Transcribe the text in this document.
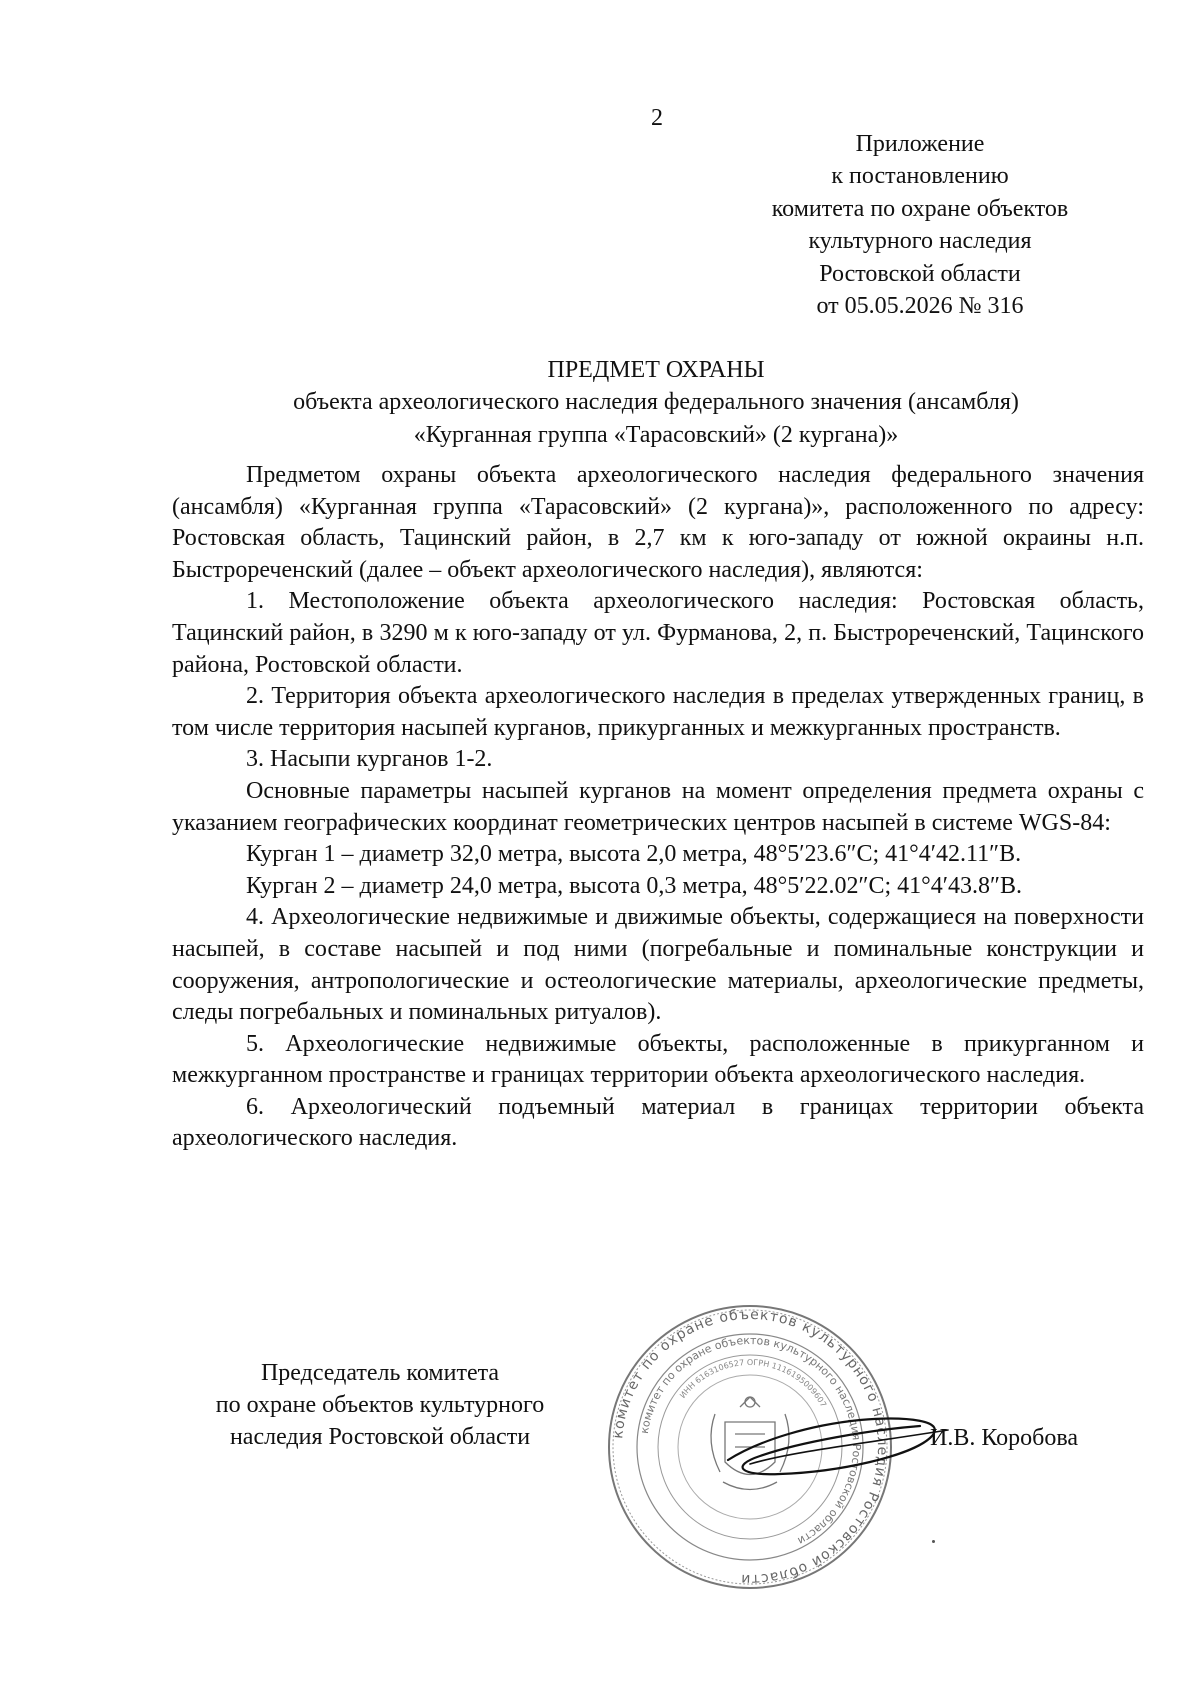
2
Приложение
к постановлению
комитета по охране объектов
культурного наследия
Ростовской области
от 05.05.2026 № 316
ПРЕДМЕТ ОХРАНЫ
объекта археологического наследия федерального значения (ансамбля)
«Курганная группа «Тарасовский» (2 кургана)»

Предметом охраны объекта археологического наследия федерального значения (ансамбля) «Курганная группа «Тарасовский» (2 кургана)», расположенного по адресу: Ростовская область, Тацинский район, в 2,7 км к юго-западу от южной окраины н.п. Быстрореченский (далее – объект археологического наследия), являются:

1. Местоположение объекта археологического наследия: Ростовская область, Тацинский район, в 3290 м к юго-западу от ул. Фурманова, 2, п. Быстрореченский, Тацинского района, Ростовской области.

2. Территория объекта археологического наследия в пределах утвержденных границ, в том числе территория насыпей курганов, прикурганных и межкурганных пространств.

3. Насыпи курганов 1-2.

Основные параметры насыпей курганов на момент определения предмета охраны с указанием географических координат геометрических центров насыпей в системе WGS-84:

Курган 1 – диаметр 32,0 метра, высота 2,0 метра, 48°5′23.6″С; 41°4′42.11″В.

Курган 2 – диаметр 24,0 метра, высота 0,3 метра, 48°5′22.02″С; 41°4′43.8″В.

4. Археологические недвижимые и движимые объекты, содержащиеся на поверхности насыпей, в составе насыпей и под ними (погребальные и поминальные конструкции и сооружения, антропологические и остеологические материалы, археологические предметы, следы погребальных и поминальных ритуалов).

5. Археологические недвижимые объекты, расположенные в прикурганном и межкурганном пространстве и границах территории объекта археологического наследия.

6. Археологический подъемный материал в границах территории объекта археологического наследия.

Председатель комитета
по охране объектов культурного
наследия Ростовской области	комитет по охране объектов культурного наследия Ростовской области
комитет по охране объектов культурного наследия Ростовской области
ИНН 6163106527 ОГРН 1116195009607
И.В. Коробова
